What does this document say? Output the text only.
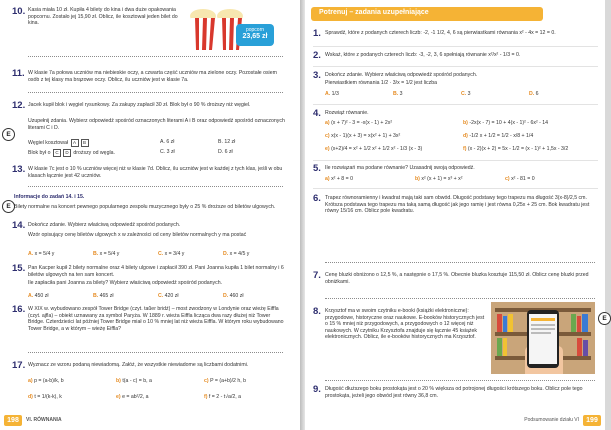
10. Kasia miała 10 zł. Kupiła 4 bilety do kina i dwa duże opakowania popcornu. Zostało jej 15,90 zł. Oblicz, ile kosztował jeden bilet do kina.
popcorn
23,65 zł
11. W klasie 7a połowa uczniów ma niebieskie oczy, a czwarta część uczniów ma zielone oczy. Pozostałe osiem osób z tej klasy ma brązowe oczy. Oblicz, ilu uczniów jest w klasie 7a.
E
12. Jacek kupił blok i węgiel rysunkowy. Za zakupy zapłacił 30 zł. Blok był o 90 % droższy niż węgiel.
Uzupełnij zdania. Wybierz odpowiedź spośród oznaczonych literami A i B oraz odpowiedź spośród oznaczonych literami C i D.
Węgiel kosztował A B	A. 6 zł	B. 12 zł
Blok był o C D droższy od węgla.	C. 3 zł	D. 6 zł
13. W klasie 7c jest o 10 % uczniów więcej niż w klasie 7d. Oblicz, ilu uczniów jest w każdej z tych klas, jeśli w obu klasach łącznie jest 42 uczniów.
E
Informacje do zadań 14. i 15.
Bilety normalne na koncert pewnego popularnego zespołu muzycznego były o 25 % droższe od biletów ulgowych.
14. Dokończ zdanie. Wybierz właściwą odpowiedź spośród podanych.
Wzór opisujący cenę biletów ulgowych x w zależności od ceny biletów normalnych y ma postać
A. x = 5/4 y	B. x = 5/4 y	C. x = 3/4 y	D. x = 4/5 y
15. Pan Kacper kupił 2 bilety normalne oraz 4 bilety ulgowe i zapłacił 390 zł. Pani Joanna kupiła 1 bilet normalny i 6 biletów ulgowych na ten sam koncert.
Ile zapłaciła pani Joanna za bilety? Wybierz właściwą odpowiedź spośród podanych.
A. 450 zł	B. 465 zł	C. 420 zł	D. 460 zł
16. W XIX w. wybudowano zespół Tower Bridge (czyt. taŭer bridż) – most zwodzony w Londynie oraz wieżę Eiffla (czyt. ajfla) – obiekt uznawany za symbol Paryża. W 1889 r. wieża Eiffla licząca dwa razy dłużej niż Tower Bridge. Czterdzieści lat później Tower Bridge miał o 10 % mniej lat niż wieża Eiffla. W którym roku wybudowano Tower Bridge, a w którym – wieżę Eiffla?
17. Wyznacz ze wzoru podaną niewiadomą. Załóż, że wszystkie niewiadome są liczbami dodatnimi.
a) p = (a-b)/k, b	b) t(a - c) = b, a	c) P = (a+b)/2 h, b
d) t = 1/(k-k), k	e) e = ab²/2, a	f) f = 2 - t√a/2, a
198	VI. RÓWNANIA
Potrenuj – zadania uzupełniające
1. Sprawdź, które z podanych czterech liczb: -2, -1 1/2, 4, 6 są pierwiastkami równania x² - 4x = 12 = 0.
2. Wskaż, które z podanych czterech liczb: -3, -2, 3, 6 spełniają równanie x²/x² - 1/3 = 0.
3. Dokończ zdanie. Wybierz właściwą odpowiedź spośród podanych.
Pierwiastkiem równania 1/2 · 3/x = 1/2 jest liczba
A. 1/3	B. 3	C. 3	D. 6
4. Rozwiąż równanie.
a) (x + 7)² - 3 = -x(x - 1) + 2x²	b) -2x(x - 7) = 10 + 4(x - 1)² - 6x² - 14
c) x(x - 1)(x + 3) = x(x² + 1) + 3x²	d) -1/2 x + 1/2 = 1/2 - x/8 + 1/4
e) (x+2)/4 = x² + 1/2 x² + 1/2 x² - 1/3 (x - 3)	f) (x - 2)(x + 2) = 5x - 1/2 = (x - 1)² + 1,5x - 3/2
5. Ile rozwiązań ma podane równanie? Uzasadnij swoją odpowiedź.
a) x² + 8 = 0	b) x² (x + 1) = x³ + x²	c) x² - 81 = 0
6. Trapez równoramienny i kwadrat mają taki sam obwód. Długość podstawy tego trapezu ma długość 3(x-8)/2,5 cm. Krótsza podstawa tego trapezu ma taką samą długość jak jego ramię i jest równa 0,25x + 25 cm. Bok kwadratu jest równy 15/16 cm. Oblicz pole kwadratu.
7. Cenę bluzki obniżono o 12,5 %, a następnie o 17,5 %. Obecnie bluzka kosztuje 115,50 zł. Oblicz cenę bluzki przed obniżkami.
E
8. Krzysztof ma w swoim czytniku e-booki (książki elektroniczne): przygodowe, historyczne oraz naukowe. E-booków historycznych jest o 15 % mniej niż przygodowych, a przygodowych o 12 więcej niż naukowych. W czytniku Krzysztofa znajduje się łącznie 45 książek elektronicznych. Oblicz, ile e-booków historycznych ma Krzysztof.
9. Długość dłuższego boku prostokąta jest o 20 % większa od potrojonej długości krótszego boku. Oblicz pole tego prostokąta, jeżeli jego obwód jest równy 36,8 cm.
Podsumowanie działu VI	199
